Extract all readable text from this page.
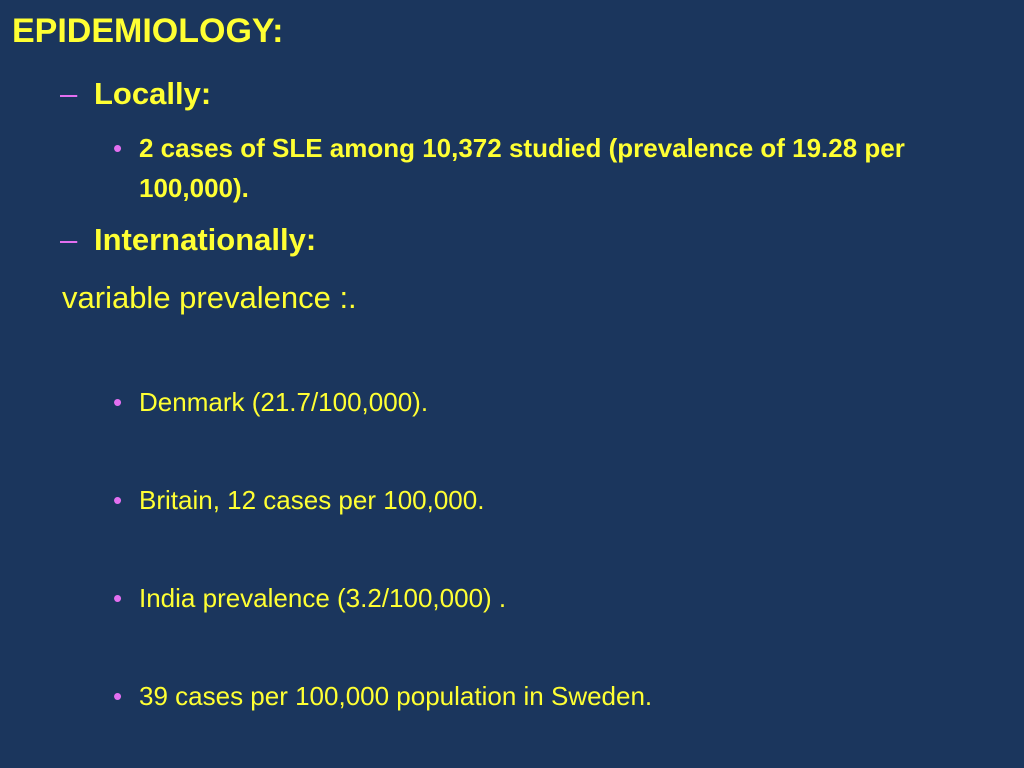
EPIDEMIOLOGY:
– Locally:
• 2 cases of SLE among 10,372 studied (prevalence of 19.28 per 100,000).
– Internationally:
variable prevalence :.
• Denmark (21.7/100,000).
• Britain, 12 cases per 100,000.
• India prevalence (3.2/100,000) .
• 39 cases per 100,000 population in Sweden.
